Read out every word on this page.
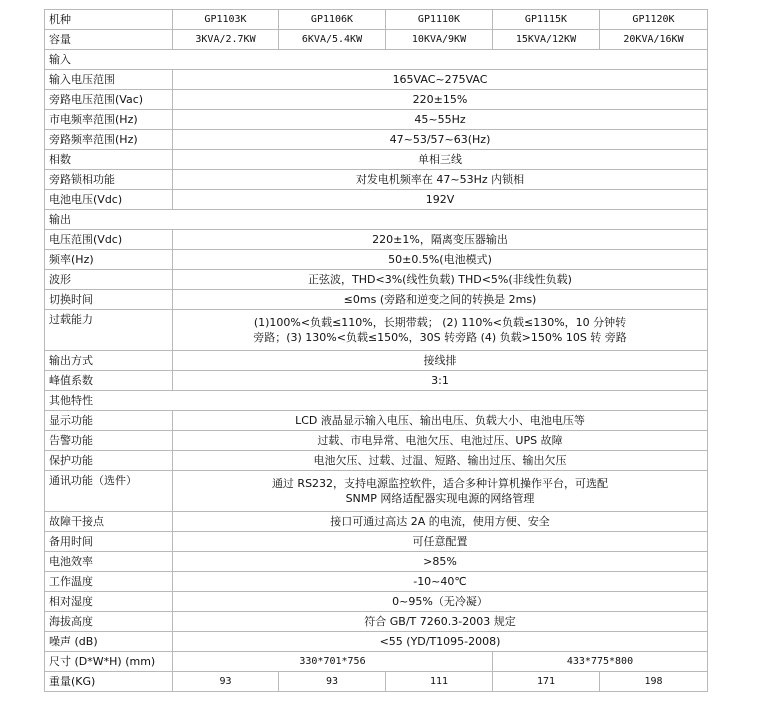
机种	GP1103K	GP1106K	GP1110K	GP1115K	GP1120K
容量	3KVA/2.7KW	6KVA/5.4KW	10KVA/9KW	15KVA/12KW	20KVA/16KW
输入					
输入电压范围	165VAC~275VAC				
旁路电压范围(Vac)	220±15%				
市电频率范围(Hz)	45~55Hz				
旁路频率范围(Hz)	47~53/57~63(Hz)				
相数	单相三线				
旁路锁相功能	对发电机频率在 47~53Hz 内锁相				
电池电压(Vdc)	192V				
输出					
电压范围(Vdc)	220±1%，隔离变压器输出				
频率(Hz)	50±0.5%(电池模式)				
波形	正弦波，THD<3%(线性负载) THD<5%(非线性负载)				
切换时间	≤0ms (旁路和逆变之间的转换是 2ms)				
过载能力	(1)100%<负载≤110%，长期带载； (2) 110%<负载≤130%，10 分钟转
旁路；(3) 130%<负载≤150%，30S 转旁路 (4) 负载>150% 10S 转 旁路				

输出方式	接线排				
峰值系数	3:1				
其他特性					
显示功能	LCD 液晶显示输入电压、输出电压、负载大小、电池电压等				
告警功能	过载、市电异常、电池欠压、电池过压、UPS 故障				
保护功能	电池欠压、过载、过温、短路、输出过压、输出欠压				
通讯功能（选件）	通过 RS232，支持电源监控软件，适合多种计算机操作平台，可选配
SNMP 网络适配器实现电源的网络管理				

故障干接点	接口可通过高达 2A 的电流，使用方便、安全				
备用时间	可任意配置				
电池效率	>85%				
工作温度	-10~40℃				
相对湿度	0~95%（无冷凝）				
海拔高度	符合 GB/T 7260.3-2003 规定				
噪声 (dB)	<55 (YD/T1095-2008)				
尺寸 (D*W*H) (mm)	330*701*756			433*775*800	
重量(KG)	93	93	111	171	198
